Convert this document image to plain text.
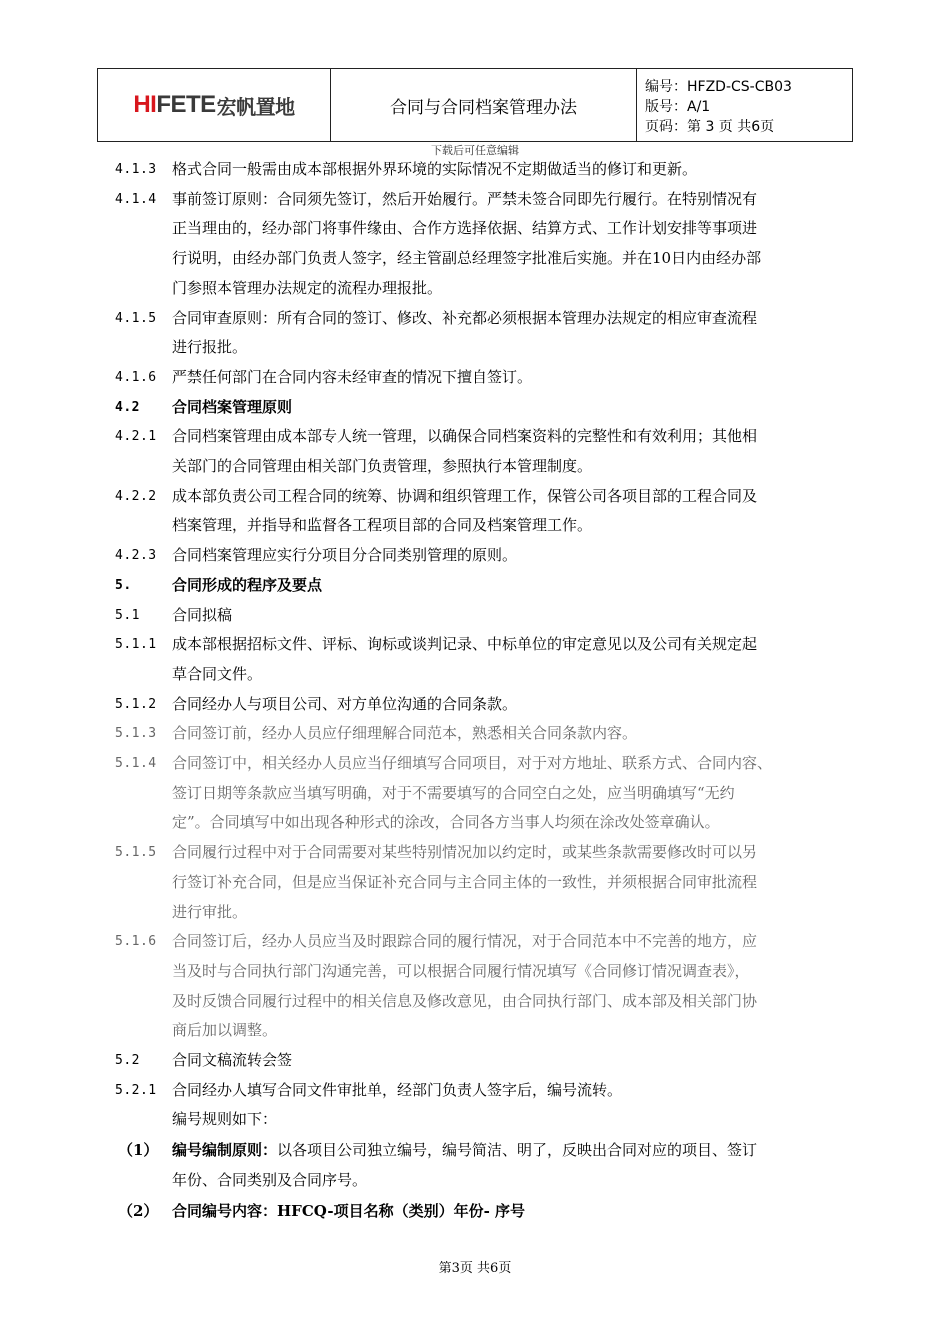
HI FETE 宏帆置地	合同与合同档案管理办法
编号：HFZD-CS-CB03
版号：A/1
页码：第 3 页 共6页
下载后可任意编辑
4.1.3 格式合同一般需由成本部根据外界环境的实际情况不定期做适当的修订和更新。
4.1.4 事前签订原则：合同须先签订，然后开始履行。严禁未签合同即先行履行。在特别情况有
正当理由的，经办部门将事件缘由、合作方选择依据、结算方式、工作计划安排等事项进
行说明，由经办部门负责人签字，经主管副总经理签字批准后实施。并在10日内由经办部
门参照本管理办法规定的流程办理报批。
4.1.5 合同审查原则：所有合同的签订、修改、补充都必须根据本管理办法规定的相应审查流程
进行报批。
4.1.6 严禁任何部门在合同内容未经审查的情况下擅自签订。
4.2 合同档案管理原则
4.2.1 合同档案管理由成本部专人统一管理，以确保合同档案资料的完整性和有效利用；其他相
关部门的合同管理由相关部门负责管理，参照执行本管理制度。
4.2.2 成本部负责公司工程合同的统筹、协调和组织管理工作，保管公司各项目部的工程合同及
档案管理，并指导和监督各工程项目部的合同及档案管理工作。
4.2.3 合同档案管理应实行分项目分合同类别管理的原则。
5.	合同形成的程序及要点
5.1 合同拟稿
5.1.1 成本部根据招标文件、评标、询标或谈判记录、中标单位的审定意见以及公司有关规定起
草合同文件。
5.1.2 合同经办人与项目公司、对方单位沟通的合同条款。
5.1.3 合同签订前，经办人员应仔细理解合同范本，熟悉相关合同条款内容。
5.1.4 合同签订中，相关经办人员应当仔细填写合同项目，对于对方地址、联系方式、合同内容、
签订日期等条款应当填写明确，对于不需要填写的合同空白之处，应当明确填写“无约
定”。合同填写中如出现各种形式的涂改，合同各方当事人均须在涂改处签章确认。
5.1.5 合同履行过程中对于合同需要对某些特别情况加以约定时，或某些条款需要修改时可以另
行签订补充合同，但是应当保证补充合同与主合同主体的一致性，并须根据合同审批流程
进行审批。
5.1.6 合同签订后，经办人员应当及时跟踪合同的履行情况，对于合同范本中不完善的地方，应
当及时与合同执行部门沟通完善，可以根据合同履行情况填写《合同修订情况调查表》，
及时反馈合同履行过程中的相关信息及修改意见，由合同执行部门、成本部及相关部门协
商后加以调整。
5.2 合同文稿流转会签
5.2.1 合同经办人填写合同文件审批单，经部门负责人签字后，编号流转。
编号规则如下：
（1） 编号编制原则：以各项目公司独立编号，编号简洁、明了，反映出合同对应的项目、签订
年份、合同类别及合同序号。
（2） 合同编号内容：HFCQ-项目名称（类别）年份- 序号
第3页 共6页
